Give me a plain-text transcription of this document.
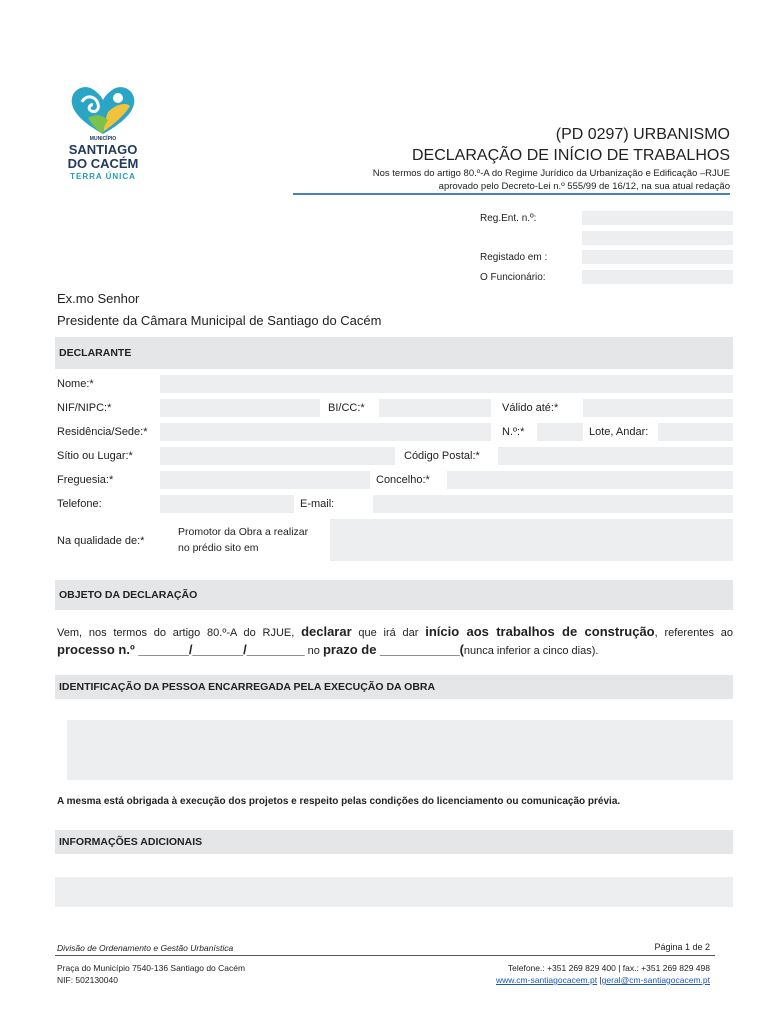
MUNICÍPIO
SANTIAGO
DO CACÉM
TERRA ÚNICA
(PD 0297) URBANISMO
DECLARAÇÃO DE INÍCIO DE TRABALHOS
Nos termos do artigo 80.º-A do Regime Jurídico da Urbanização e Edificação –RJUE
aprovado pelo Decreto-Lei n.º 555/99 de 16/12, na sua atual redação
Reg.Ent. n.º:
Registado em :
O Funcionário:
Ex.mo Senhor
Presidente da Câmara Municipal de Santiago do Cacém
DECLARANTE
Nome:*
NIF/NIPC:*	BI/CC:*	Válido até:*
Residência/Sede:*	N.º:*	Lote, Andar:
Sítio ou Lugar:*	Código Postal:*
Freguesia:*	Concelho:*
Telefone:	E-mail:
Na qualidade de:*
Promotor da Obra a realizar
no prédio sito em
OBJETO DA DECLARAÇÃO
Vem, nos termos do artigo 80.º-A do RJUE, declarar que irá dar início aos trabalhos de construção, referentes ao
processo n.º _______/_______/________ no prazo de ___________(nunca inferior a cinco dias).
IDENTIFICAÇÃO DA PESSOA ENCARREGADA PELA EXECUÇÃO DA OBRA
A mesma está obrigada à execução dos projetos e respeito pelas condições do licenciamento ou comunicação prévia.
INFORMAÇÕES ADICIONAIS
Divisão de Ordenamento e Gestão Urbanística	Página 1 de 2
Praça do Município 7540-136 Santiago do Cacém
NIF: 502130040
Telefone.: +351 269 829 400 | fax.: +351 269 829 498
www.cm-santiagocacem.pt |geral@cm-santiagocacem.pt
